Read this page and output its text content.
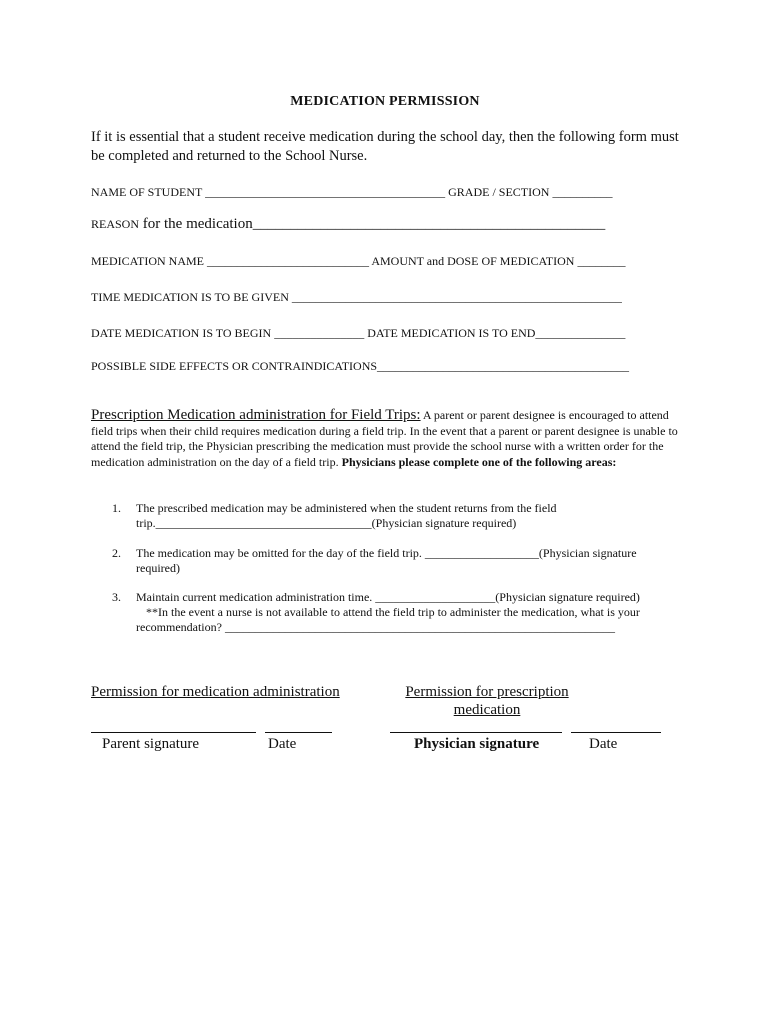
MEDICATION PERMISSION
If it is essential that a student receive medication during the school day, then the following form must be completed and returned to the School Nurse.
NAME OF STUDENT ________________________________________ GRADE / SECTION __________
REASON for the medication_______________________________________________
MEDICATION NAME ___________________________ AMOUNT and DOSE OF MEDICATION ________
TIME MEDICATION IS TO BE GIVEN _______________________________________________________
DATE MEDICATION IS TO BEGIN _______________ DATE MEDICATION IS TO END_______________
POSSIBLE SIDE EFFECTS OR CONTRAINDICATIONS__________________________________________
Prescription Medication administration for Field Trips: A parent or parent designee is encouraged to attend field trips when their child requires medication during a field trip. In the event that a parent or parent designee is unable to attend the field trip, the Physician prescribing the medication must provide the school nurse with a written order for the medication administration on the day of a field trip. Physicians please complete one of the following areas:
1. The prescribed medication may be administered when the student returns from the field trip.____________________________________(Physician signature required)
2. The medication may be omitted for the day of the field trip. ___________________(Physician signature required)
3. Maintain current medication administration time. ____________________(Physician signature required)
**In the event a nurse is not available to attend the field trip to administer the medication, what is your
recommendation? _________________________________________________________________
Permission for medication administration	Permission for prescription medication
Parent signature	Date	Physician signature	Date
